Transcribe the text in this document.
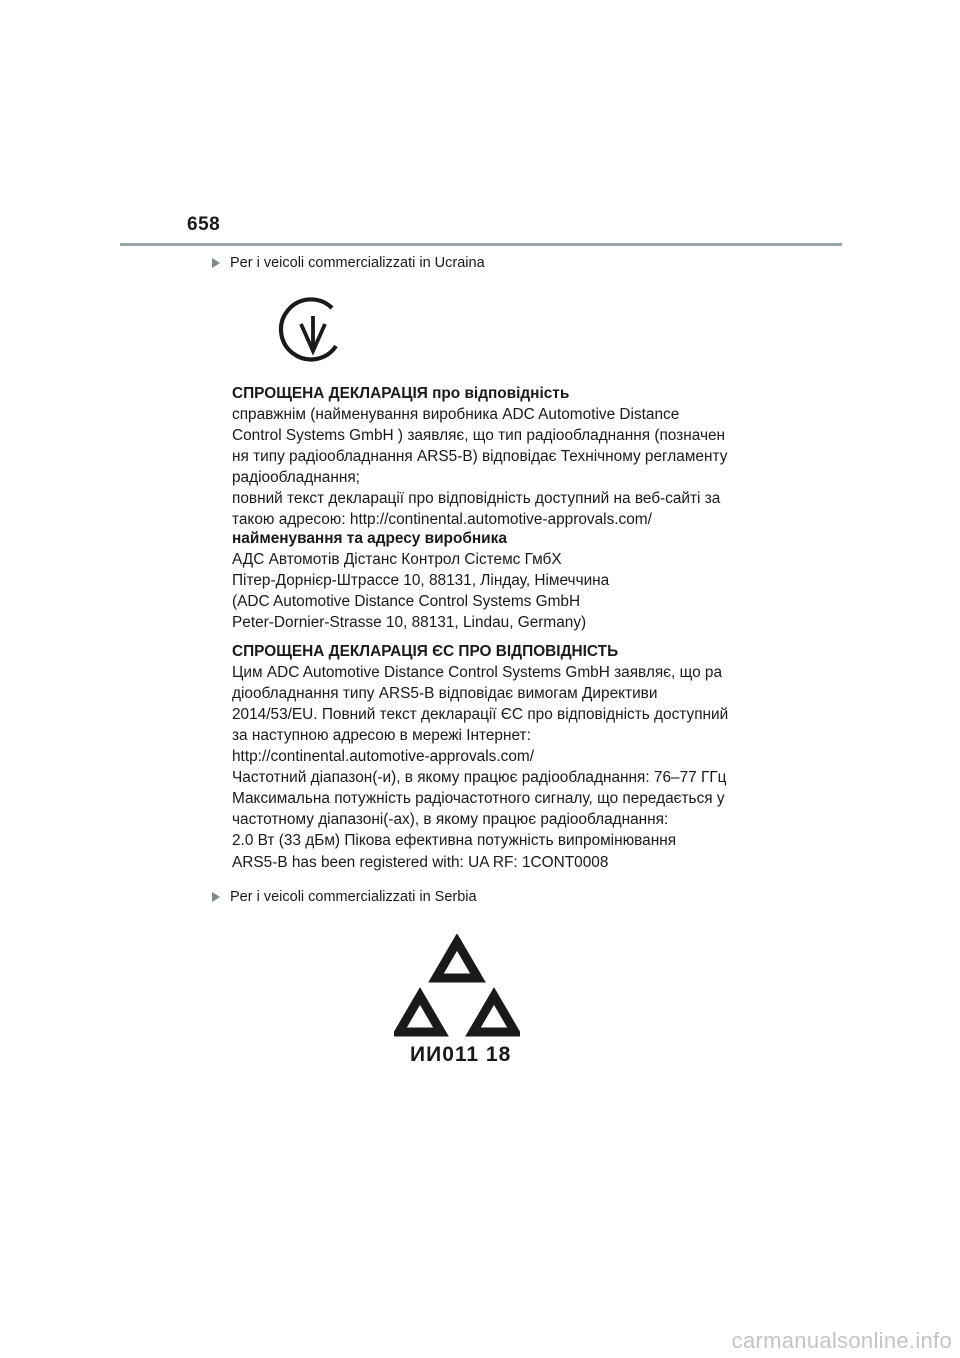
658
Per i veicoli commercializzati in Ucraina
СПРОЩЕНА ДЕКЛАРАЦІЯ про відповідність
справжнім (найменування виробника ADC Automotive Distance
Control Systems GmbH ) заявляє, що тип радіообладнання (позначен
ня типу радіообладнання ARS5-B) відповідає Технічному регламенту
радіообладнання;
повний текст декларації про відповідність доступний на веб-сайті за
такою адресою: http://continental.automotive-approvals.com/
найменування та адресу виробника
АДС Автомотів Дістанс Контрол Сістемс ГмбХ
Пітер-Дорнієр-Штрассе 10, 88131, Ліндау, Німеччина
(ADC Automotive Distance Control Systems GmbH
Peter-Dornier-Strasse 10, 88131, Lindau, Germany)
СПРОЩЕНА ДЕКЛАРАЦІЯ ЄС ПРО ВІДПОВІДНІСТЬ
Цим ADC Automotive Distance Control Systems GmbH заявляє, що ра
діообладнання типу ARS5-B відповідає вимогам Директиви
2014/53/EU. Повний текст декларації ЄС про відповідність доступний
за наступною адресою в мережі Інтернет:
http://continental.automotive-approvals.com/
Частотний діапазон(-и), в якому працює радіообладнання: 76–77 ГГц
Максимальна потужність радіочастотного сигналу, що передається у
частотному діапазоні(-ах), в якому працює радіообладнання:
2.0 Вт (33 дБм) Пікова ефективна потужність випромінювання
ARS5-B has been registered with: UA RF: 1CONT0008
Per i veicoli commercializzati in Serbia
ИИ011 18
carmanualsonline.info
